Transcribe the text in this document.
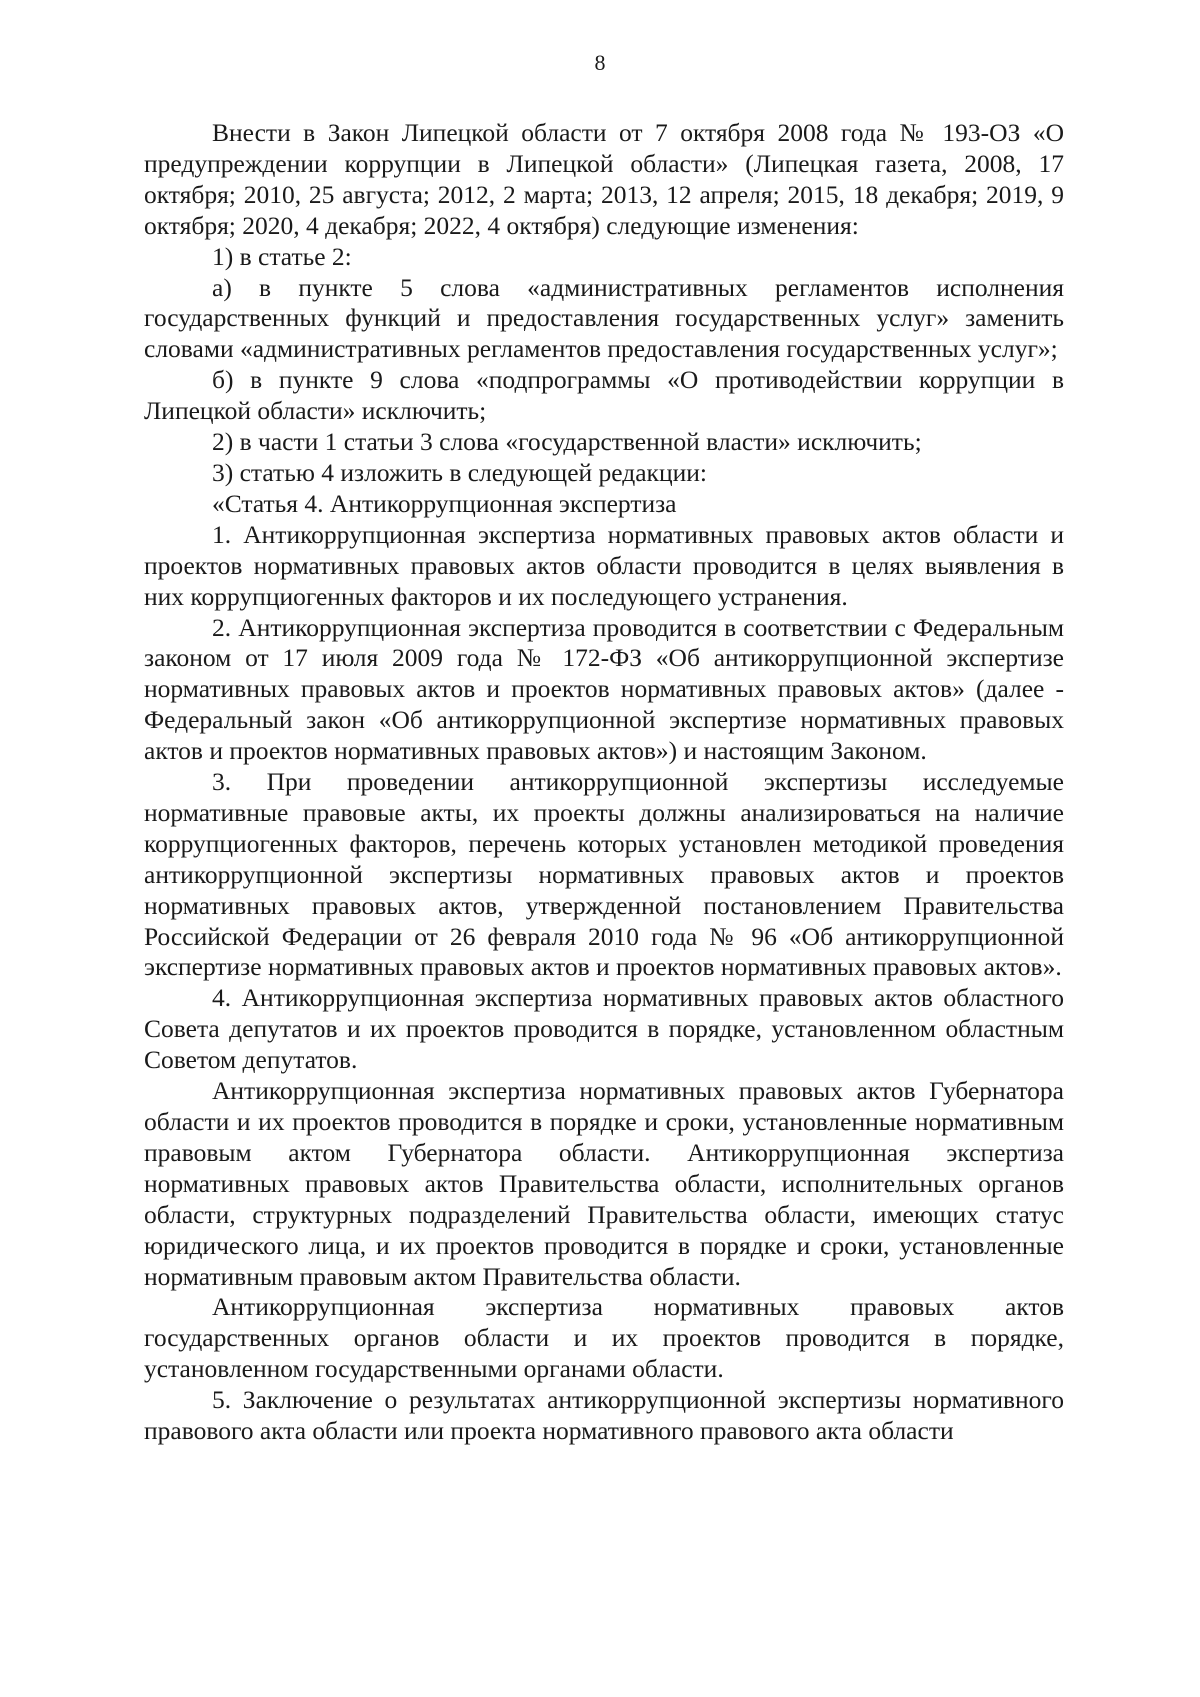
8

Внести в Закон Липецкой области от 7 октября 2008 года № 193-ОЗ «О предупреждении коррупции в Липецкой области» (Липецкая газета, 2008, 17 октября; 2010, 25 августа; 2012, 2 марта; 2013, 12 апреля; 2015, 18 декабря; 2019, 9 октября; 2020, 4 декабря; 2022, 4 октября) следующие изменения:

1) в статье 2:

а) в пункте 5 слова «административных регламентов исполнения государственных функций и предоставления государственных услуг» заменить словами «административных регламентов предоставления государственных услуг»;

б) в пункте 9 слова «подпрограммы «О противодействии коррупции в Липецкой области» исключить;

2) в части 1 статьи 3 слова «государственной власти» исключить;

3) статью 4 изложить в следующей редакции:

«Статья 4. Антикоррупционная экспертиза

1. Антикоррупционная экспертиза нормативных правовых актов области и проектов нормативных правовых актов области проводится в целях выявления в них коррупциогенных факторов и их последующего устранения.

2. Антикоррупционная экспертиза проводится в соответствии с Федеральным законом от 17 июля 2009 года № 172-ФЗ «Об антикоррупционной экспертизе нормативных правовых актов и проектов нормативных правовых актов» (далее - Федеральный закон «Об антикоррупционной экспертизе нормативных правовых актов и проектов нормативных правовых актов») и настоящим Законом.

3. При проведении антикоррупционной экспертизы исследуемые нормативные правовые акты, их проекты должны анализироваться на наличие коррупциогенных факторов, перечень которых установлен методикой проведения антикоррупционной экспертизы нормативных правовых актов и проектов нормативных правовых актов, утвержденной постановлением Правительства Российской Федерации от 26 февраля 2010 года № 96 «Об антикоррупционной экспертизе нормативных правовых актов и проектов нормативных правовых актов».

4. Антикоррупционная экспертиза нормативных правовых актов областного Совета депутатов и их проектов проводится в порядке, установленном областным Советом депутатов.

Антикоррупционная экспертиза нормативных правовых актов Губернатора области и их проектов проводится в порядке и сроки, установленные нормативным правовым актом Губернатора области. Антикоррупционная экспертиза нормативных правовых актов Правительства области, исполнительных органов области, структурных подразделений Правительства области, имеющих статус юридического лица, и их проектов проводится в порядке и сроки, установленные нормативным правовым актом Правительства области.

Антикоррупционная экспертиза нормативных правовых актов государственных органов области и их проектов проводится в порядке, установленном государственными органами области.

5. Заключение о результатах антикоррупционной экспертизы нормативного правового акта области или проекта нормативного правового акта области
